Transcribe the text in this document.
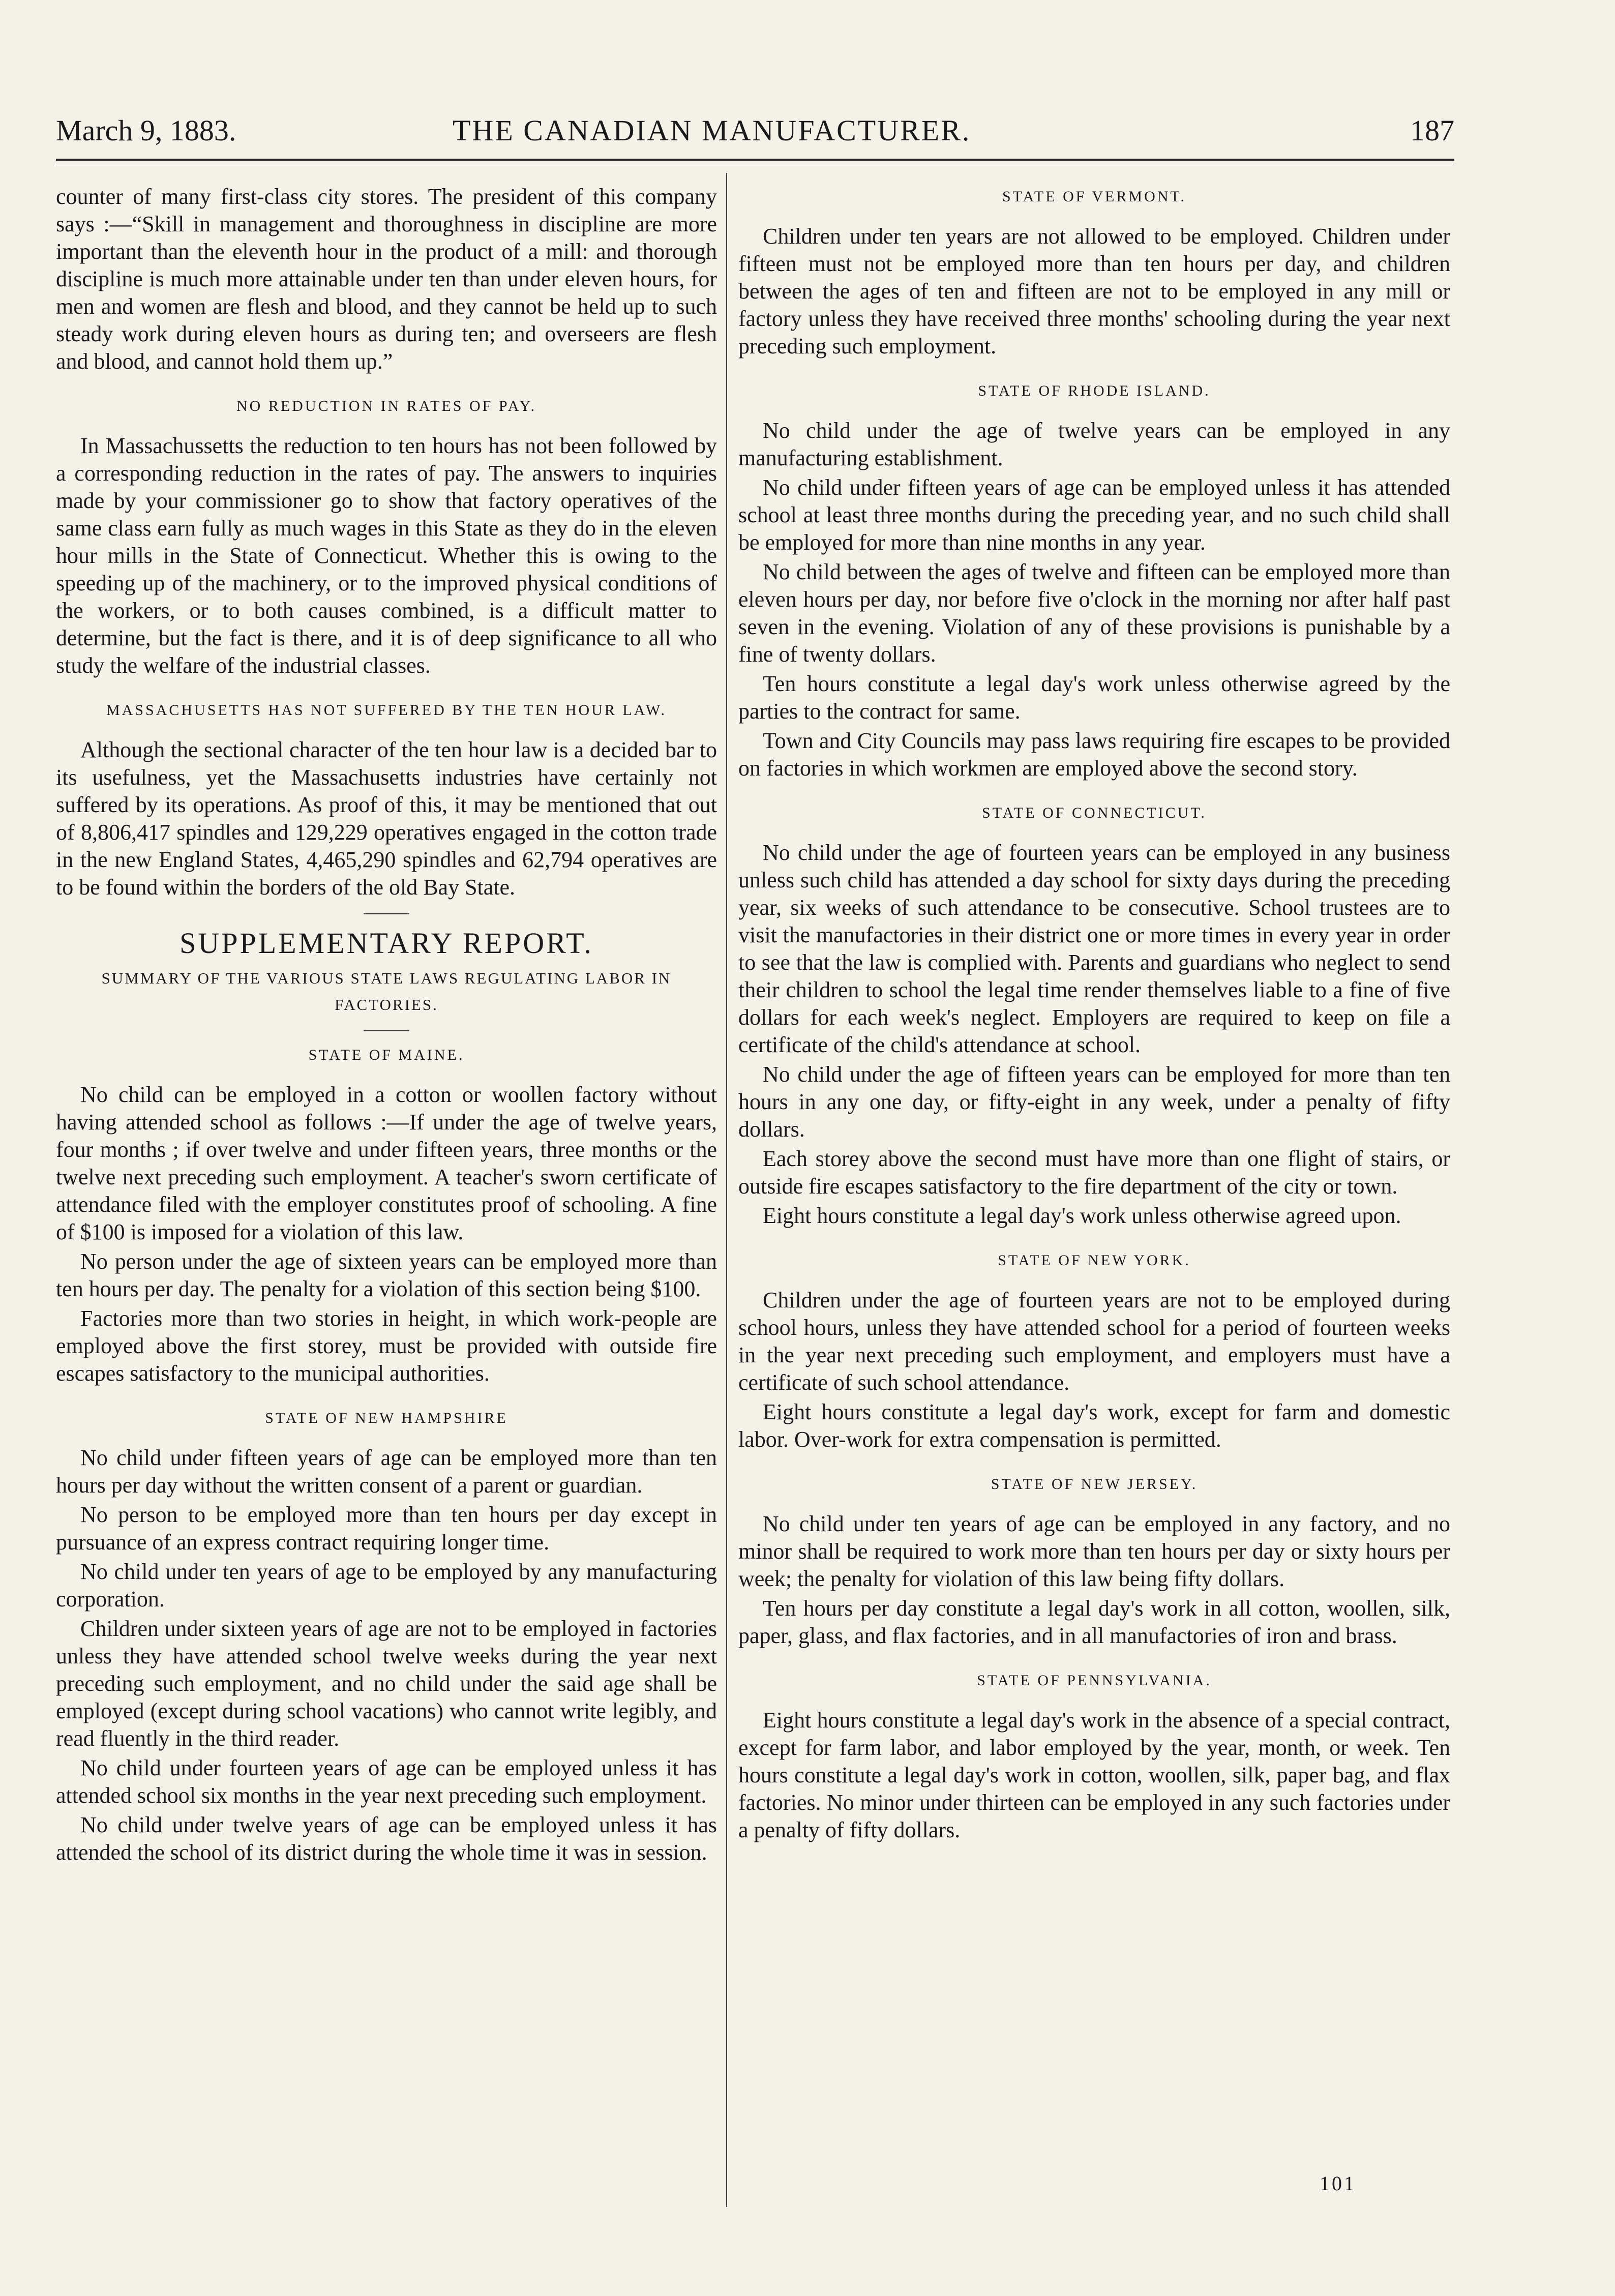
March 9, 1883.	THE CANADIAN MANUFACTURER.	187

counter of many first-class city stores. The president of this company says :—“Skill in management and thoroughness in discipline are more important than the eleventh hour in the product of a mill: and thorough discipline is much more attainable under ten than under eleven hours, for men and women are flesh and blood, and they cannot be held up to such steady work during eleven hours as during ten; and overseers are flesh and blood, and cannot hold them up.”

NO REDUCTION IN RATES OF PAY.

In Massachussetts the reduction to ten hours has not been followed by a corresponding reduction in the rates of pay. The answers to inquiries made by your commissioner go to show that factory operatives of the same class earn fully as much wages in this State as they do in the eleven hour mills in the State of Connecticut. Whether this is owing to the speeding up of the machinery, or to the improved physical conditions of the workers, or to both causes combined, is a difficult matter to determine, but the fact is there, and it is of deep significance to all who study the welfare of the industrial classes.

MASSACHUSETTS HAS NOT SUFFERED BY THE TEN HOUR LAW.

Although the sectional character of the ten hour law is a decided bar to its usefulness, yet the Massachusetts industries have certainly not suffered by its operations. As proof of this, it may be mentioned that out of 8,806,417 spindles and 129,229 operatives engaged in the cotton trade in the new England States, 4,465,290 spindles and 62,794 operatives are to be found within the borders of the old Bay State.

SUPPLEMENTARY REPORT.
SUMMARY OF THE VARIOUS STATE LAWS REGULATING LABOR IN FACTORIES.
STATE OF MAINE.

No child can be employed in a cotton or woollen factory without having attended school as follows :—If under the age of twelve years, four months ; if over twelve and under fifteen years, three months or the twelve next preceding such employment. A teacher's sworn certificate of attendance filed with the employer constitutes proof of schooling. A fine of $100 is imposed for a violation of this law.

No person under the age of sixteen years can be employed more than ten hours per day. The penalty for a violation of this section being $100.

Factories more than two stories in height, in which work-people are employed above the first storey, must be provided with outside fire escapes satisfactory to the municipal authorities.

STATE OF NEW HAMPSHIRE

No child under fifteen years of age can be employed more than ten hours per day without the written consent of a parent or guardian.

No person to be employed more than ten hours per day except in pursuance of an express contract requiring longer time.

No child under ten years of age to be employed by any manufacturing corporation.

Children under sixteen years of age are not to be employed in factories unless they have attended school twelve weeks during the year next preceding such employment, and no child under the said age shall be employed (except during school vacations) who cannot write legibly, and read fluently in the third reader.

No child under fourteen years of age can be employed unless it has attended school six months in the year next preceding such employment.

No child under twelve years of age can be employed unless it has attended the school of its district during the whole time it was in session.

STATE OF VERMONT.

Children under ten years are not allowed to be employed. Children under fifteen must not be employed more than ten hours per day, and children between the ages of ten and fifteen are not to be employed in any mill or factory unless they have received three months' schooling during the year next preceding such employment.

STATE OF RHODE ISLAND.

No child under the age of twelve years can be employed in any manufacturing establishment.

No child under fifteen years of age can be employed unless it has attended school at least three months during the preceding year, and no such child shall be employed for more than nine months in any year.

No child between the ages of twelve and fifteen can be employed more than eleven hours per day, nor before five o'clock in the morning nor after half past seven in the evening. Violation of any of these provisions is punishable by a fine of twenty dollars.

Ten hours constitute a legal day's work unless otherwise agreed by the parties to the contract for same.

Town and City Councils may pass laws requiring fire escapes to be provided on factories in which workmen are employed above the second story.

STATE OF CONNECTICUT.

No child under the age of fourteen years can be employed in any business unless such child has attended a day school for sixty days during the preceding year, six weeks of such attendance to be consecutive. School trustees are to visit the manufactories in their district one or more times in every year in order to see that the law is complied with. Parents and guardians who neglect to send their children to school the legal time render themselves liable to a fine of five dollars for each week's neglect. Employers are required to keep on file a certificate of the child's attendance at school.

No child under the age of fifteen years can be employed for more than ten hours in any one day, or fifty-eight in any week, under a penalty of fifty dollars.

Each storey above the second must have more than one flight of stairs, or outside fire escapes satisfactory to the fire department of the city or town.

Eight hours constitute a legal day's work unless otherwise agreed upon.

STATE OF NEW YORK.

Children under the age of fourteen years are not to be employed during school hours, unless they have attended school for a period of fourteen weeks in the year next preceding such employment, and employers must have a certificate of such school attendance.

Eight hours constitute a legal day's work, except for farm and domestic labor. Over-work for extra compensation is permitted.

STATE OF NEW JERSEY.

No child under ten years of age can be employed in any factory, and no minor shall be required to work more than ten hours per day or sixty hours per week; the penalty for violation of this law being fifty dollars.

Ten hours per day constitute a legal day's work in all cotton, woollen, silk, paper, glass, and flax factories, and in all manufactories of iron and brass.

STATE OF PENNSYLVANIA.

Eight hours constitute a legal day's work in the absence of a special contract, except for farm labor, and labor employed by the year, month, or week. Ten hours constitute a legal day's work in cotton, woollen, silk, paper bag, and flax factories. No minor under thirteen can be employed in any such factories under a penalty of fifty dollars.

101
